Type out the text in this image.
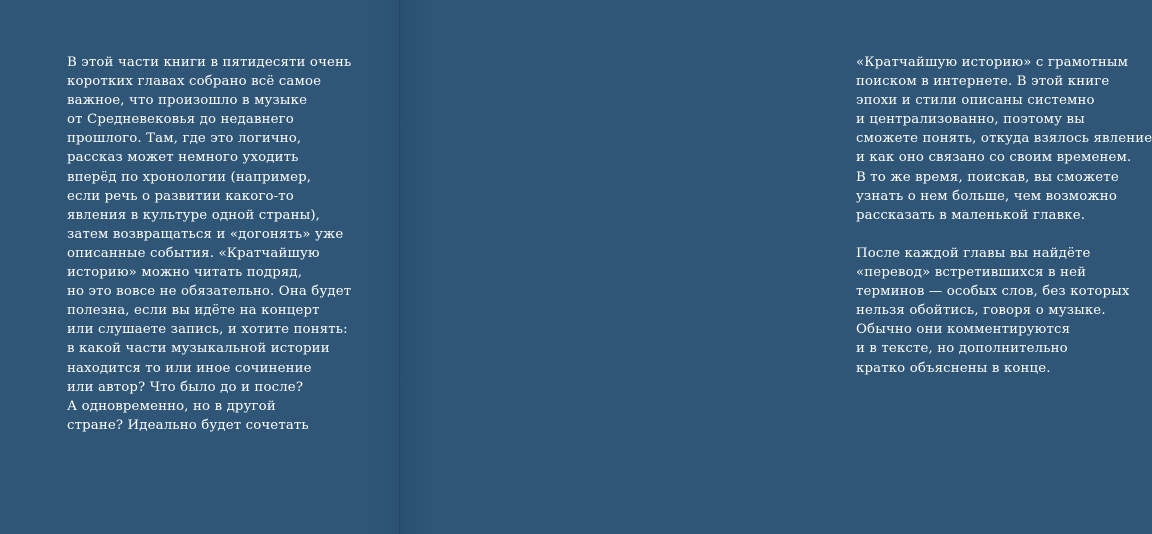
В этой части книги в пятидесяти очень
коротких главах собрано всё самое
важное, что произошло в музыке
от Средневековья до недавнего
прошлого. Там, где это логично,
рассказ может немного уходить
вперёд по хронологии (например,
если речь о развитии какого-то
явления в культуре одной страны),
затем возвращаться и «догонять» уже
описанные события. «Кратчайшую
историю» можно читать подряд,
но это вовсе не обязательно. Она будет
полезна, если вы идёте на концерт
или слушаете запись, и хотите понять:
в какой части музыкальной истории
находится то или иное сочинение
или автор? Что было до и после?
А одновременно, но в другой
стране? Идеально будет сочетать
«Кратчайшую историю» с грамотным
поиском в интернете. В этой книге
эпохи и стили описаны системно
и централизованно, поэтому вы
сможете понять, откуда взялось явление
и как оно связано со своим временем.
В то же время, поискав, вы сможете
узнать о нем больше, чем возможно
рассказать в маленькой главке.
После каждой главы вы найдёте
«перевод» встретившихся в ней
терминов — особых слов, без которых
нельзя обойтись, говоря о музыке.
Обычно они комментируются
и в тексте, но дополнительно
кратко объяснены в конце.
